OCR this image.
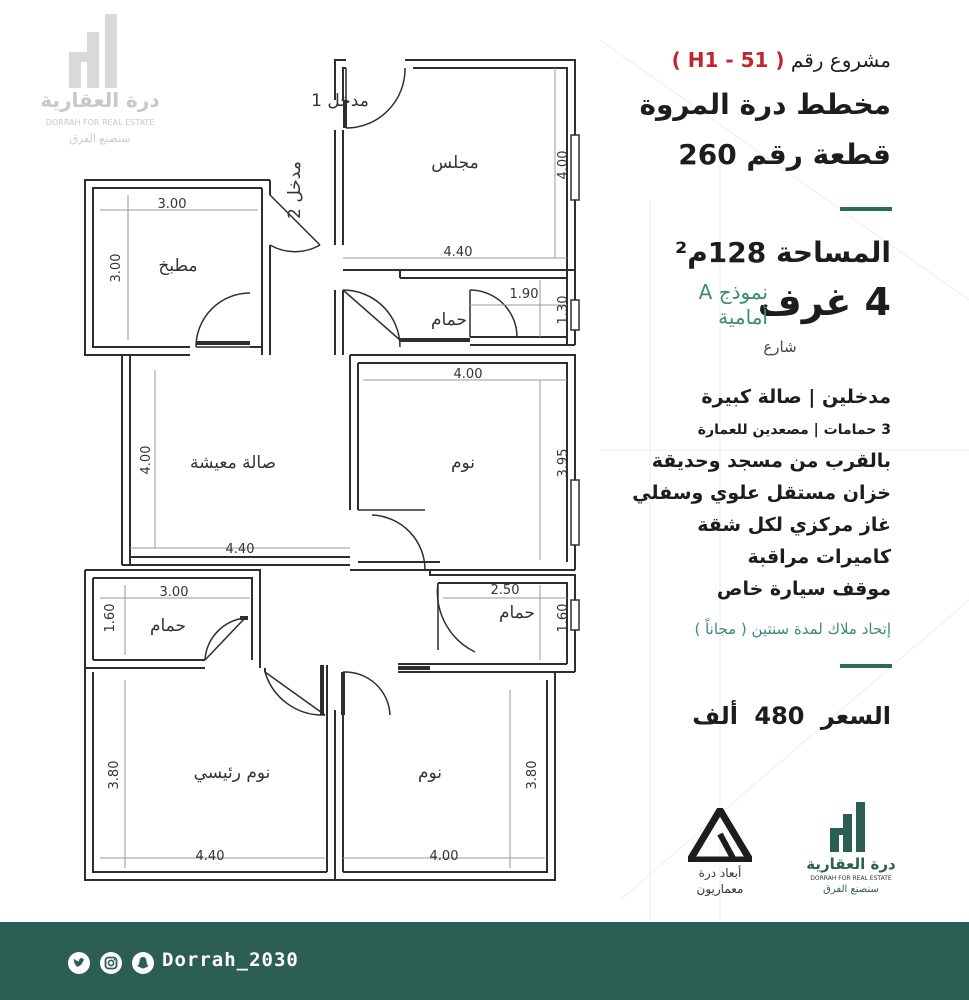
مجلس
مطبخ
حمام
صالة معيشة	نوم
حمام
حمام
نوم رئيسي	نوم
مدخل 1
مدخل 2
4.40
4.00
3.00
3.00
1.90
1.30
4.40
4.00
4.00
3.95
3.00
1.60
2.50
1.60
4.40
3.80
4.00
3.80
درة العقارية
DORRAH FOR REAL ESTATE
سنصنع الفرق
مشروع رقم ( H1 - 51 )
مخطط درة المروة
قطعة رقم 260
المساحة 128م²
4 غرف
نموذج A
أمامية
شارع
مدخلين | صالة كبيرة
3 حمامات | مصعدين للعمارة
بالقرب من مسجد وحديقة
خزان مستقل علوي وسفلي
غاز مركزي لكل شقة
كاميرات مراقبة
موقف سيارة خاص
إتحاد ملاك لمدة سنتين ( مجاناً )
السعر 480 ألف
أبعاد درة
معماريون
درة العقارية
DORRAH FOR REAL ESTATE
سنصنع الفرق
Dorrah_2030
